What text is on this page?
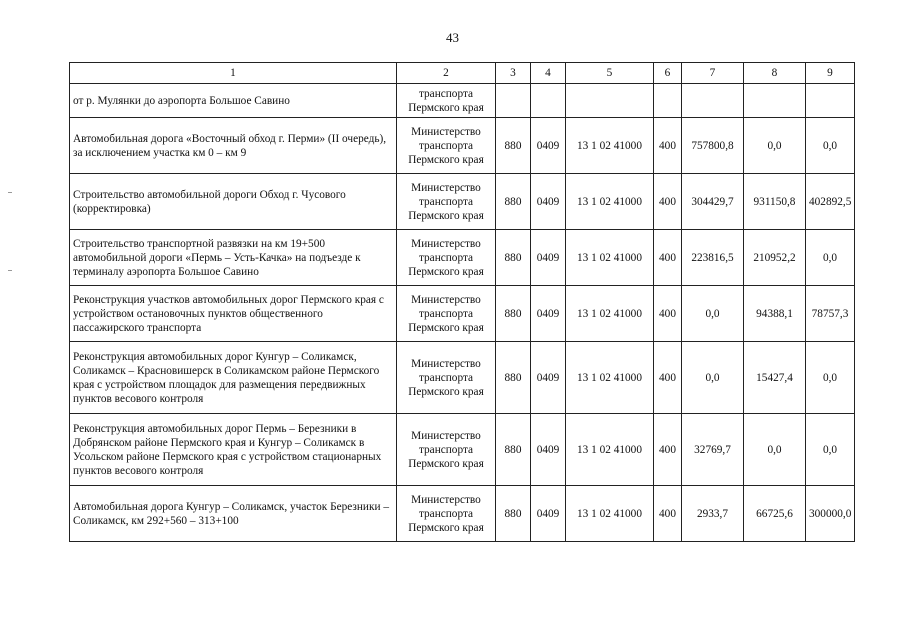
43
1	2	3	4	5	6	7	8	9
от р. Мулянки до аэропорта Большое Савино	транспорта Пермского края							
Автомобильная дорога «Восточный обход г. Перми» (II очередь), за исключением участка км 0 – км 9	Министерство транспорта Пермского края	880	0409	13 1 02 41000	400	757800,8	0,0	0,0
Строительство автомобильной дороги Обход г. Чусового (корректировка)	Министерство транспорта Пермского края	880	0409	13 1 02 41000	400	304429,7	931150,8	402892,5
Строительство транспортной развязки на км 19+500 автомобильной дороги «Пермь – Усть-Качка» на подъезде к терминалу аэропорта Большое Савино	Министерство транспорта Пермского края	880	0409	13 1 02 41000	400	223816,5	210952,2	0,0
Реконструкция участков автомобильных дорог Пермского края с устройством остановочных пунктов общественного пассажирского транспорта	Министерство транспорта Пермского края	880	0409	13 1 02 41000	400	0,0	94388,1	78757,3
Реконструкция автомобильных дорог Кунгур – Соликамск, Соликамск – Красновишерск в Соликамском районе Пермского края с устройством площадок для размещения передвижных пунктов весового контроля	Министерство транспорта Пермского края	880	0409	13 1 02 41000	400	0,0	15427,4	0,0
Реконструкция автомобильных дорог Пермь – Березники в Добрянском районе Пермского края и Кунгур – Соликамск в Усольском районе Пермского края с устройством стационарных пунктов весового контроля	Министерство транспорта Пермского края	880	0409	13 1 02 41000	400	32769,7	0,0	0,0
Автомобильная дорога Кунгур – Соликамск, участок Березники – Соликамск, км 292+560 – 313+100	Министерство транспорта Пермского края	880	0409	13 1 02 41000	400	2933,7	66725,6	300000,0
